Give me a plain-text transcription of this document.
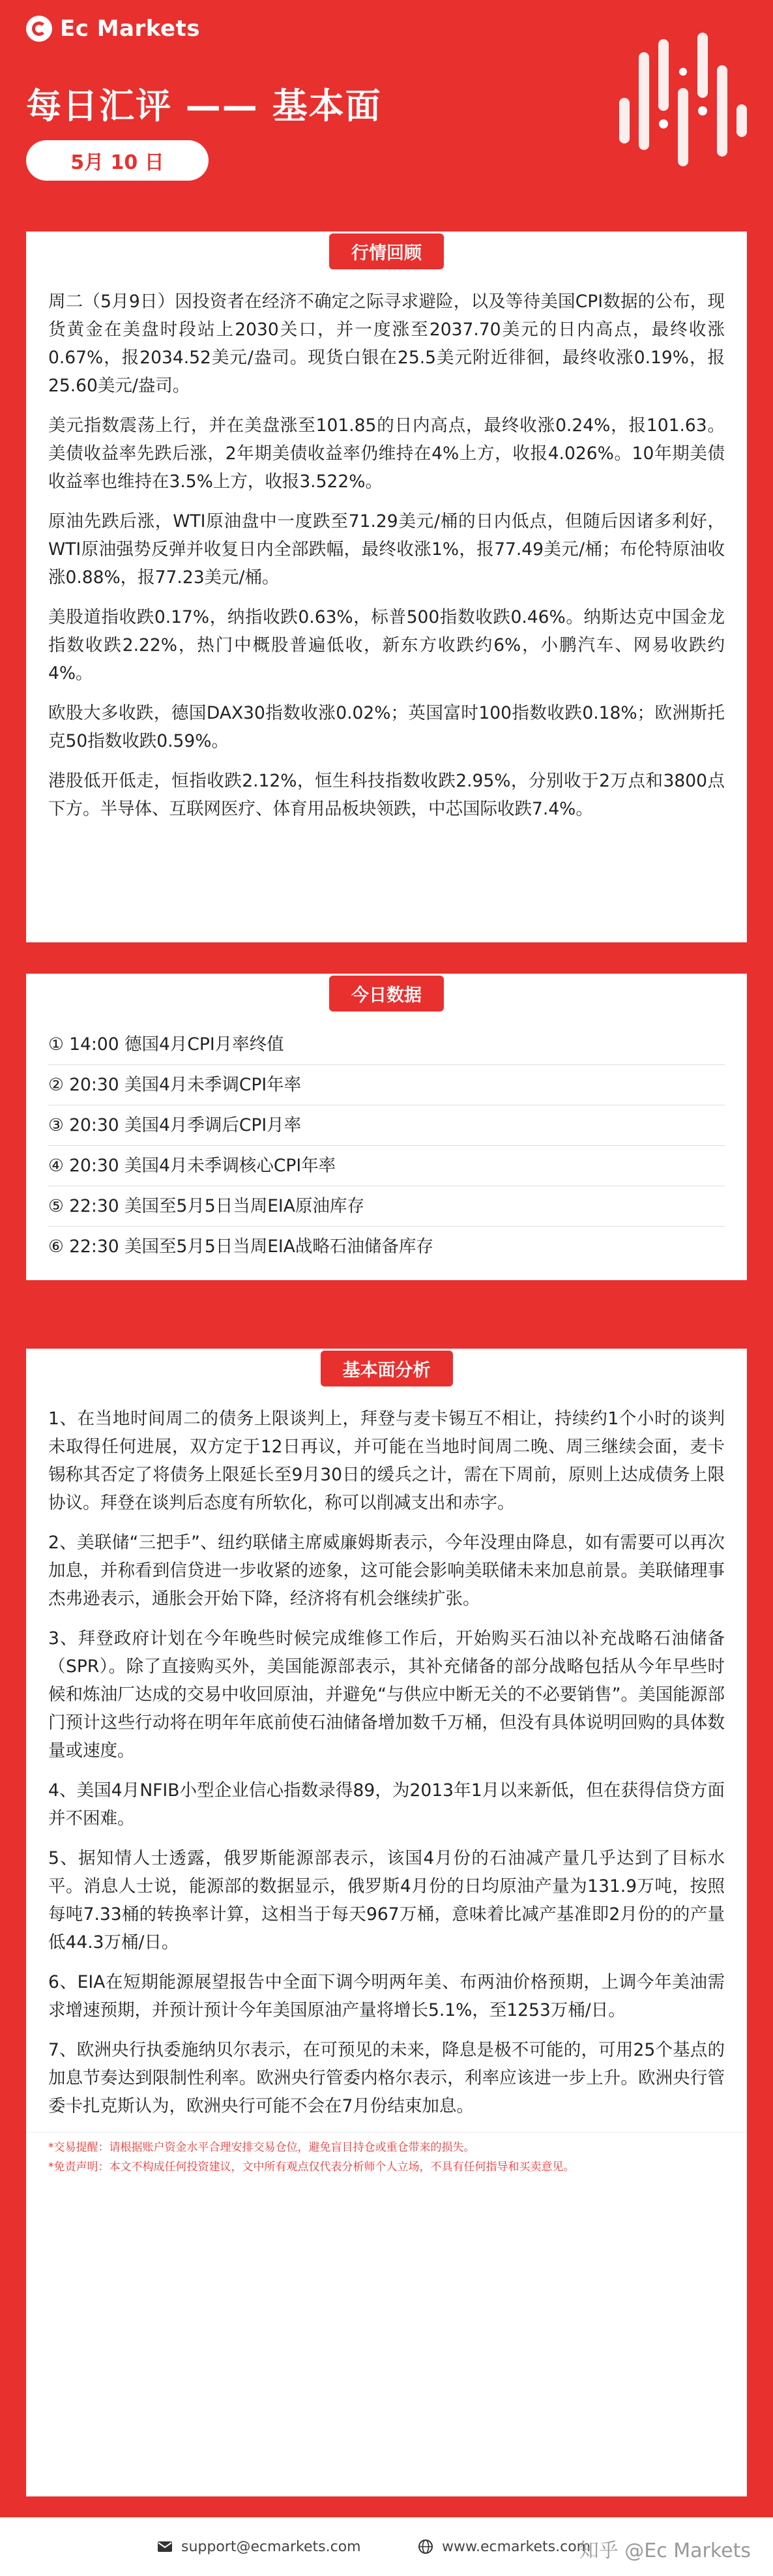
Ec Markets
每日汇评 —— 基本面
5月 10 日
行情回顾

周二（5月9日）因投资者在经济不确定之际寻求避险，以及等待美国CPI数据的公布，现货黄金在美盘时段站上2030关口，并一度涨至2037.70美元的日内高点，最终收涨0.67%，报2034.52美元/盎司。现货白银在25.5美元附近徘徊，最终收涨0.19%，报25.60美元/盎司。

美元指数震荡上行，并在美盘涨至101.85的日内高点，最终收涨0.24%，报101.63。美债收益率先跌后涨，2年期美债收益率仍维持在4%上方，收报4.026%。10年期美债收益率也维持在3.5%上方，收报3.522%。

原油先跌后涨，WTI原油盘中一度跌至71.29美元/桶的日内低点，但随后因诸多利好，WTI原油强势反弹并收复日内全部跌幅，最终收涨1%，报77.49美元/桶；布伦特原油收涨0.88%，报77.23美元/桶。

美股道指收跌0.17%，纳指收跌0.63%，标普500指数收跌0.46%。纳斯达克中国金龙指数收跌2.22%，热门中概股普遍低收，新东方收跌约6%，小鹏汽车、网易收跌约4%。

欧股大多收跌，德国DAX30指数收涨0.02%；英国富时100指数收跌0.18%；欧洲斯托克50指数收跌0.59%。

港股低开低走，恒指收跌2.12%，恒生科技指数收跌2.95%，分别收于2万点和3800点下方。半导体、互联网医疗、体育用品板块领跌，中芯国际收跌7.4%。

今日数据
① 14:00 德国4月CPI月率终值
② 20:30 美国4月未季调CPI年率
③ 20:30 美国4月季调后CPI月率
④ 20:30 美国4月未季调核心CPI年率
⑤ 22:30 美国至5月5日当周EIA原油库存
⑥ 22:30 美国至5月5日当周EIA战略石油储备库存
基本面分析

1、在当地时间周二的债务上限谈判上，拜登与麦卡锡互不相让，持续约1个小时的谈判未取得任何进展，双方定于12日再议，并可能在当地时间周二晚、周三继续会面，麦卡锡称其否定了将债务上限延长至9月30日的缓兵之计，需在下周前，原则上达成债务上限协议。拜登在谈判后态度有所软化，称可以削减支出和赤字。

2、美联储“三把手”、纽约联储主席威廉姆斯表示，今年没理由降息，如有需要可以再次加息，并称看到信贷进一步收紧的迹象，这可能会影响美联储未来加息前景。美联储理事杰弗逊表示，通胀会开始下降，经济将有机会继续扩张。

3、拜登政府计划在今年晚些时候完成维修工作后，开始购买石油以补充战略石油储备（SPR）。除了直接购买外，美国能源部表示，其补充储备的部分战略包括从今年早些时候和炼油厂达成的交易中收回原油，并避免“与供应中断无关的不必要销售”。美国能源部门预计这些行动将在明年年底前使石油储备增加数千万桶，但没有具体说明回购的具体数量或速度。

4、美国4月NFIB小型企业信心指数录得89，为2013年1月以来新低，但在获得信贷方面并不困难。

5、据知情人士透露，俄罗斯能源部表示，该国4月份的石油减产量几乎达到了目标水平。消息人士说，能源部的数据显示，俄罗斯4月份的日均原油产量为131.9万吨，按照每吨7.33桶的转换率计算，这相当于每天967万桶，意味着比减产基准即2月份的的产量低44.3万桶/日。

6、EIA在短期能源展望报告中全面下调今明两年美、布两油价格预期，上调今年美油需求增速预期，并预计预计今年美国原油产量将增长5.1%，至1253万桶/日。

7、欧洲央行执委施纳贝尔表示，在可预见的未来，降息是极不可能的，可用25个基点的加息节奏达到限制性利率。欧洲央行管委内格尔表示，利率应该进一步上升。欧洲央行管委卡扎克斯认为，欧洲央行可能不会在7月份结束加息。

*交易提醒：请根据账户资金水平合理安排交易仓位，避免盲目持仓或重仓带来的损失。

*免责声明：本文不构成任何投资建议，文中所有观点仅代表分析师个人立场，不具有任何指导和买卖意见。

support@ecmarkets.com	www.ecmarkets.com
知乎 @Ec Markets
